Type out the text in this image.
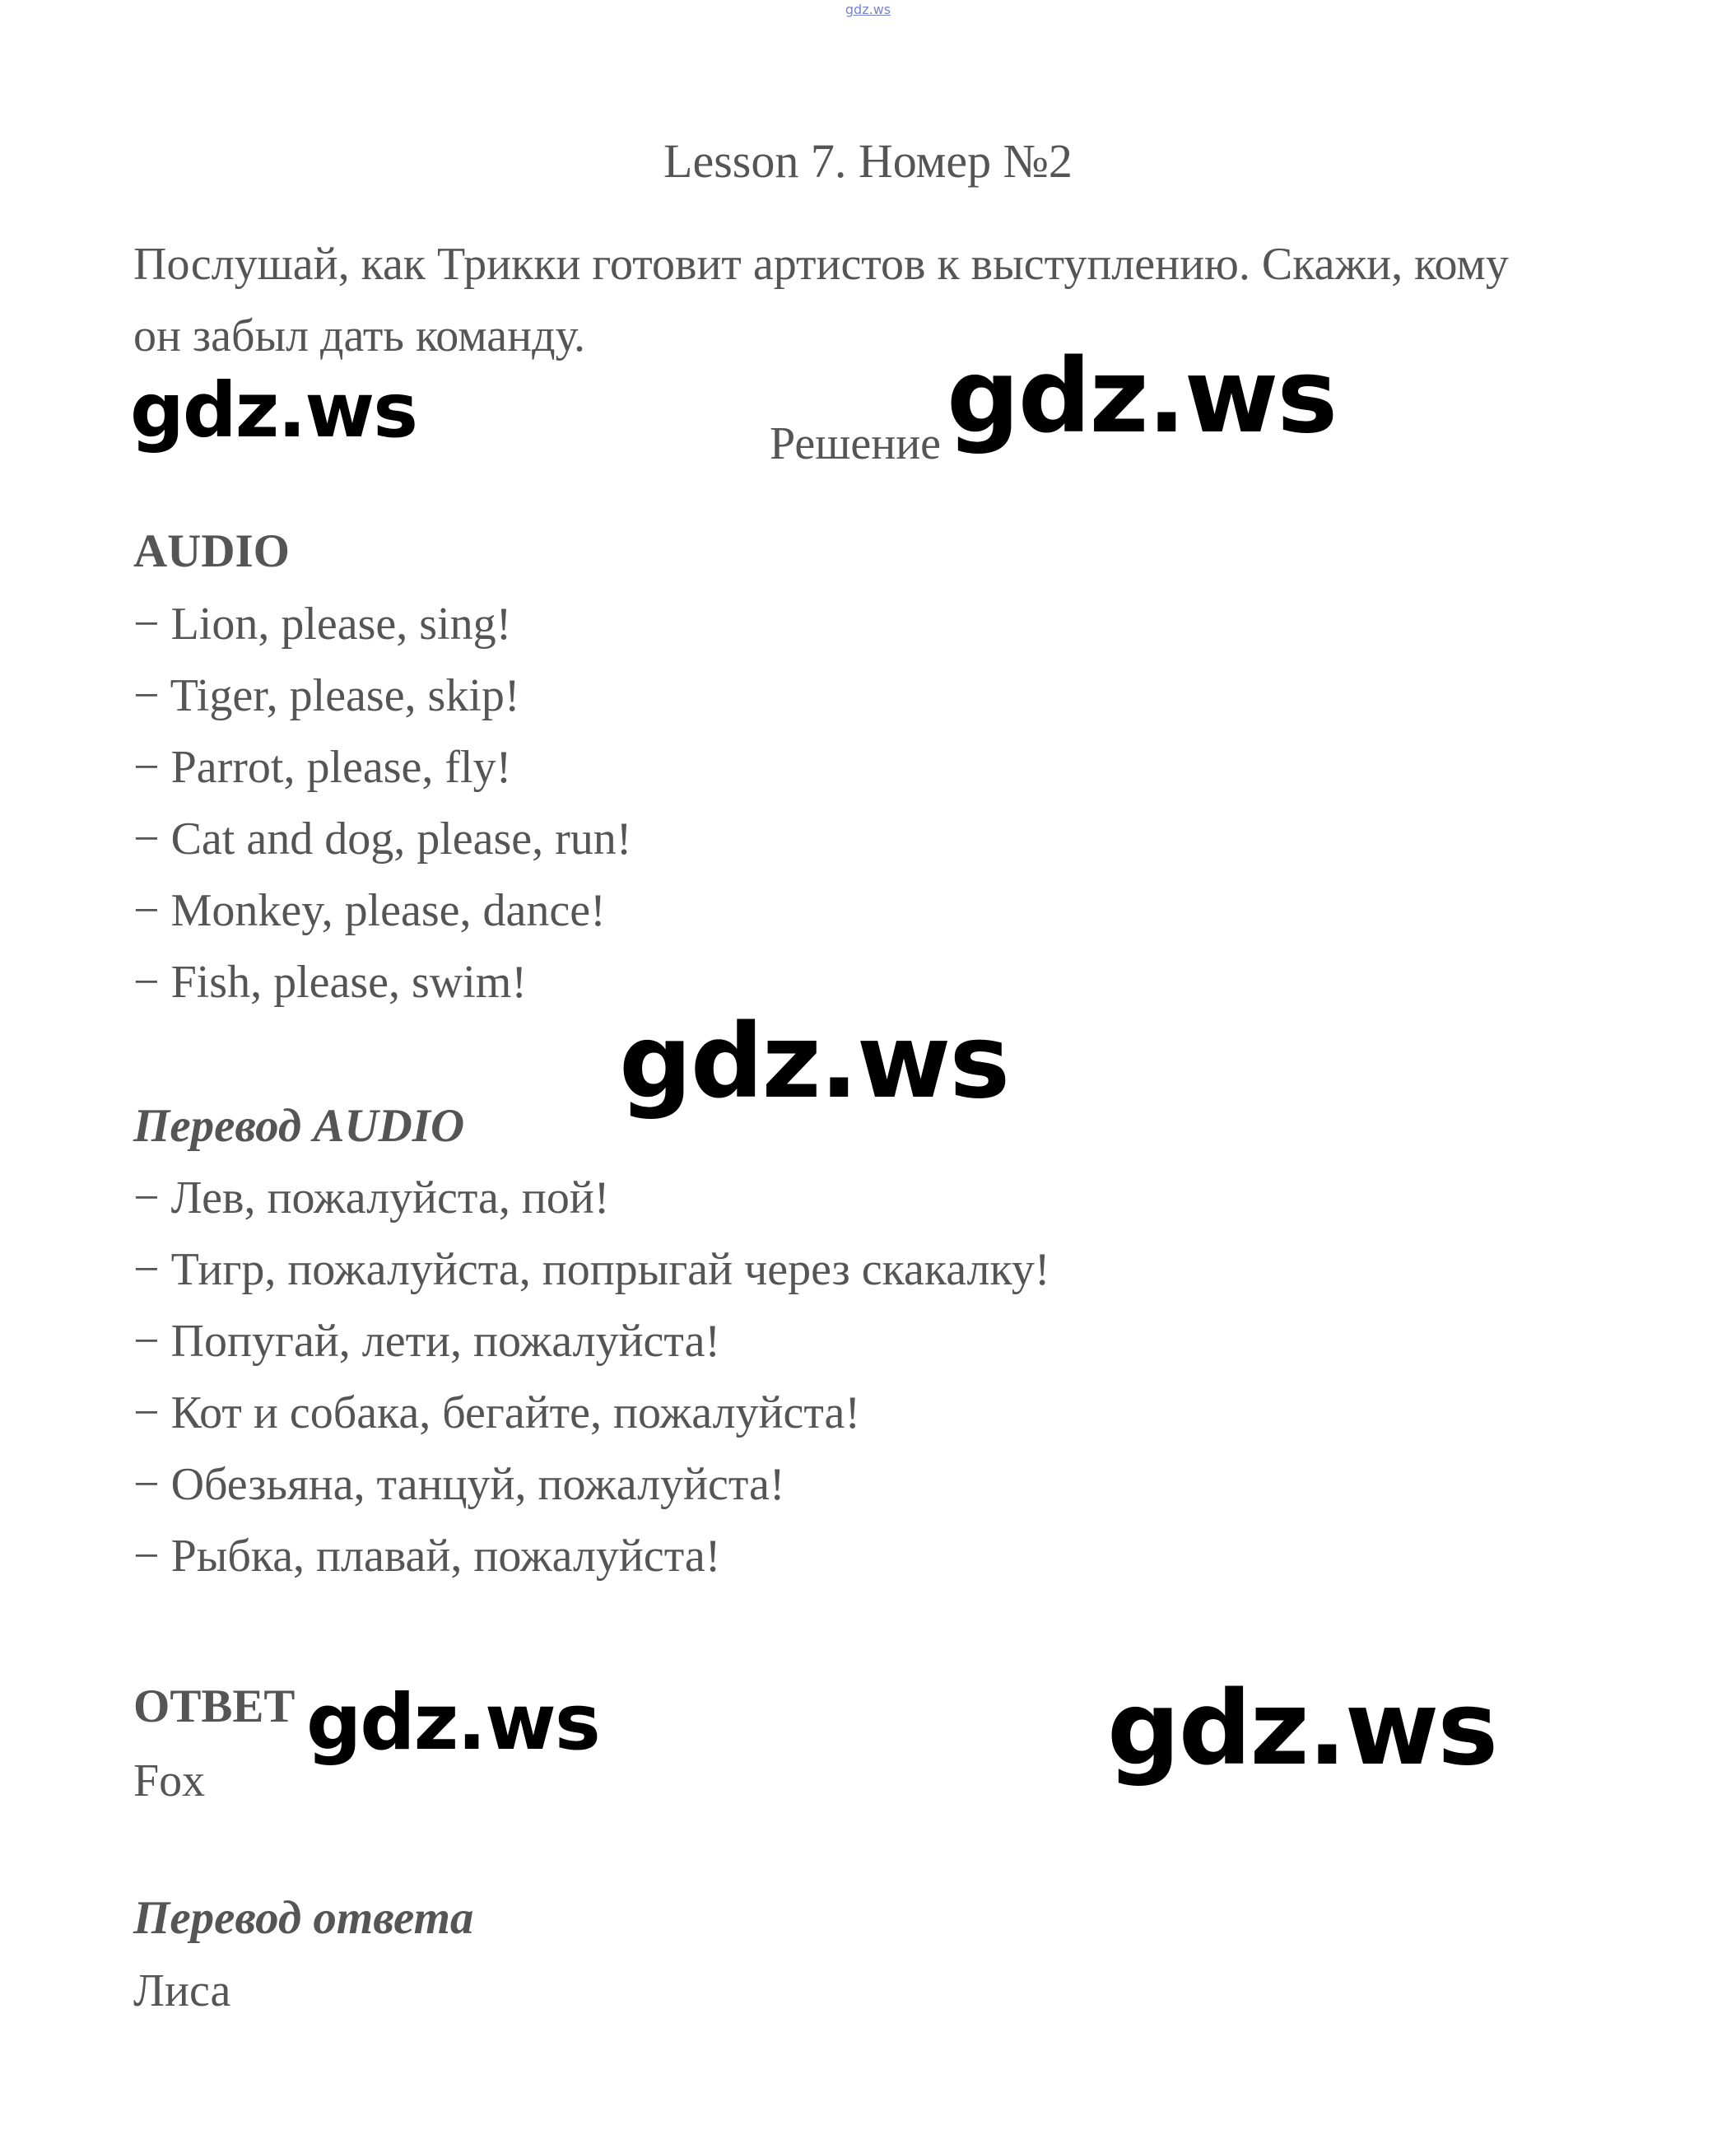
gdz.ws
Lesson 7. Номер №2
Послушай, как Трикки готовит артистов к выступлению. Скажи, кому он забыл дать команду.
gdz.ws	Решение gdz.ws
AUDIO
− Lion, please, sing!
− Tiger, please, skip!
− Parrot, please, fly!
− Cat and dog, please, run!
− Monkey, please, dance!
− Fish, please, swim!
gdz.ws
Перевод AUDIO
− Лев, пожалуйста, пой!
− Тигр, пожалуйста, попрыгай через скакалку!
− Попугай, лети, пожалуйста!
− Кот и собака, бегайте, пожалуйста!
− Обезьяна, танцуй, пожалуйста!
− Рыбка, плавай, пожалуйста!
ОТВЕТ gdz.ws	gdz.ws
Fox
Перевод ответа
Лиса
